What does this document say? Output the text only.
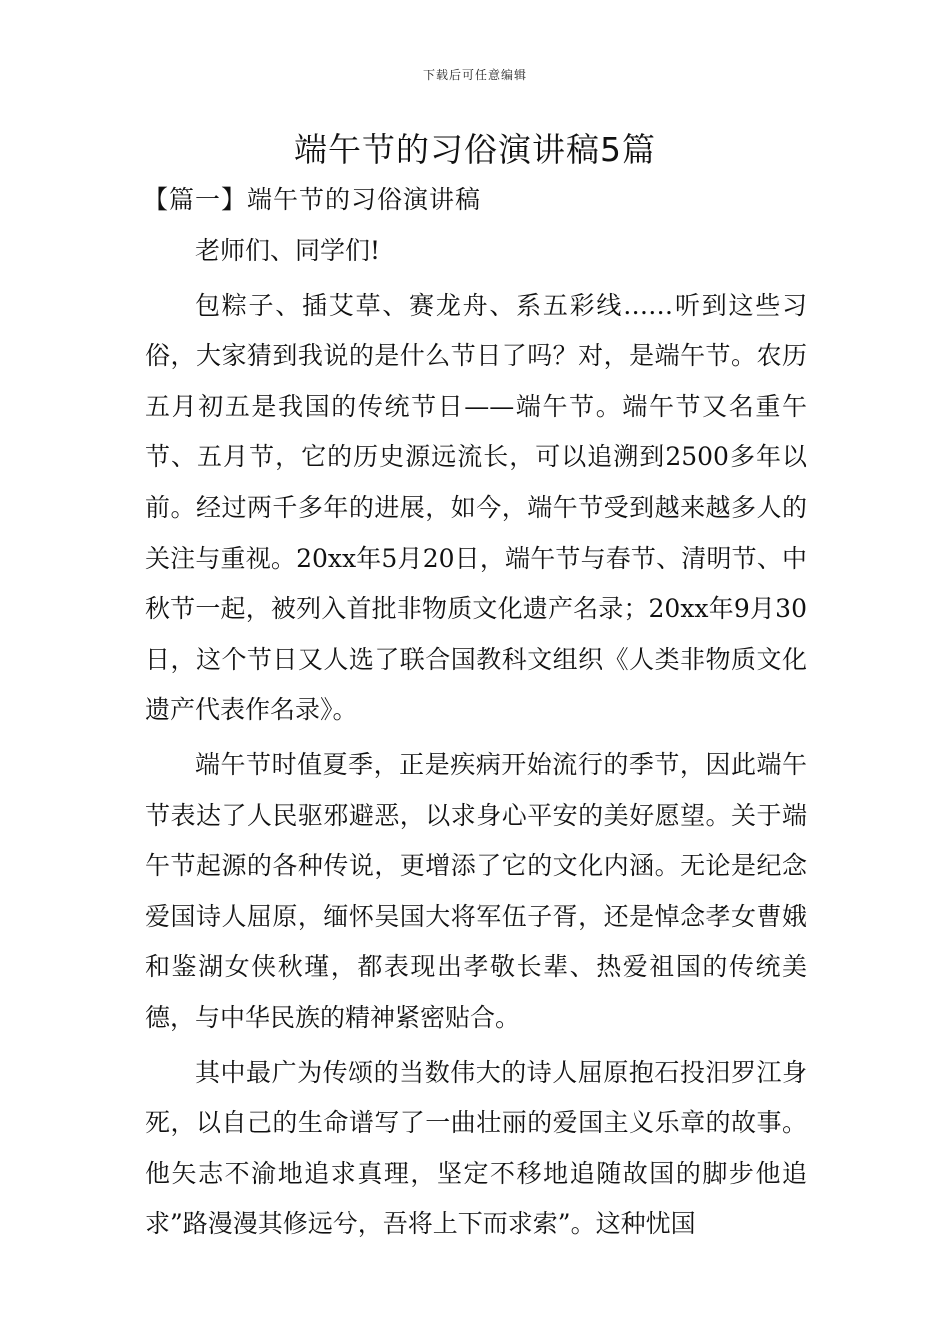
下载后可任意编辑
端午节的习俗演讲稿5篇
【篇一】端午节的习俗演讲稿

老师们、同学们!

包粽子、插艾草、赛龙舟、系五彩线……听到这些习俗，大家猜到我说的是什么节日了吗？对，是端午节。农历五月初五是我国的传统节日——端午节。端午节又名重午节、五月节，它的历史源远流长，可以追溯到2500多年以前。经过两千多年的进展，如今，端午节受到越来越多人的关注与重视。20xx年5月20日，端午节与春节、清明节、中秋节一起，被列入首批非物质文化遗产名录；20xx年9月30日，这个节日又人选了联合国教科文组织《人类非物质文化遗产代表作名录》。

端午节时值夏季，正是疾病开始流行的季节，因此端午节表达了人民驱邪避恶，以求身心平安的美好愿望。关于端午节起源的各种传说，更增添了它的文化内涵。无论是纪念爱国诗人屈原，缅怀吴国大将军伍子胥，还是悼念孝女曹娥和鉴湖女侠秋瑾，都表现出孝敬长辈、热爱祖国的传统美德，与中华民族的精神紧密贴合。

其中最广为传颂的当数伟大的诗人屈原抱石投汨罗江身死，以自己的生命谱写了一曲壮丽的爱国主义乐章的故事。他矢志不渝地追求真理，坚定不移地追随故国的脚步他追求”路漫漫其修远兮，吾将上下而求索”。这种忧国
